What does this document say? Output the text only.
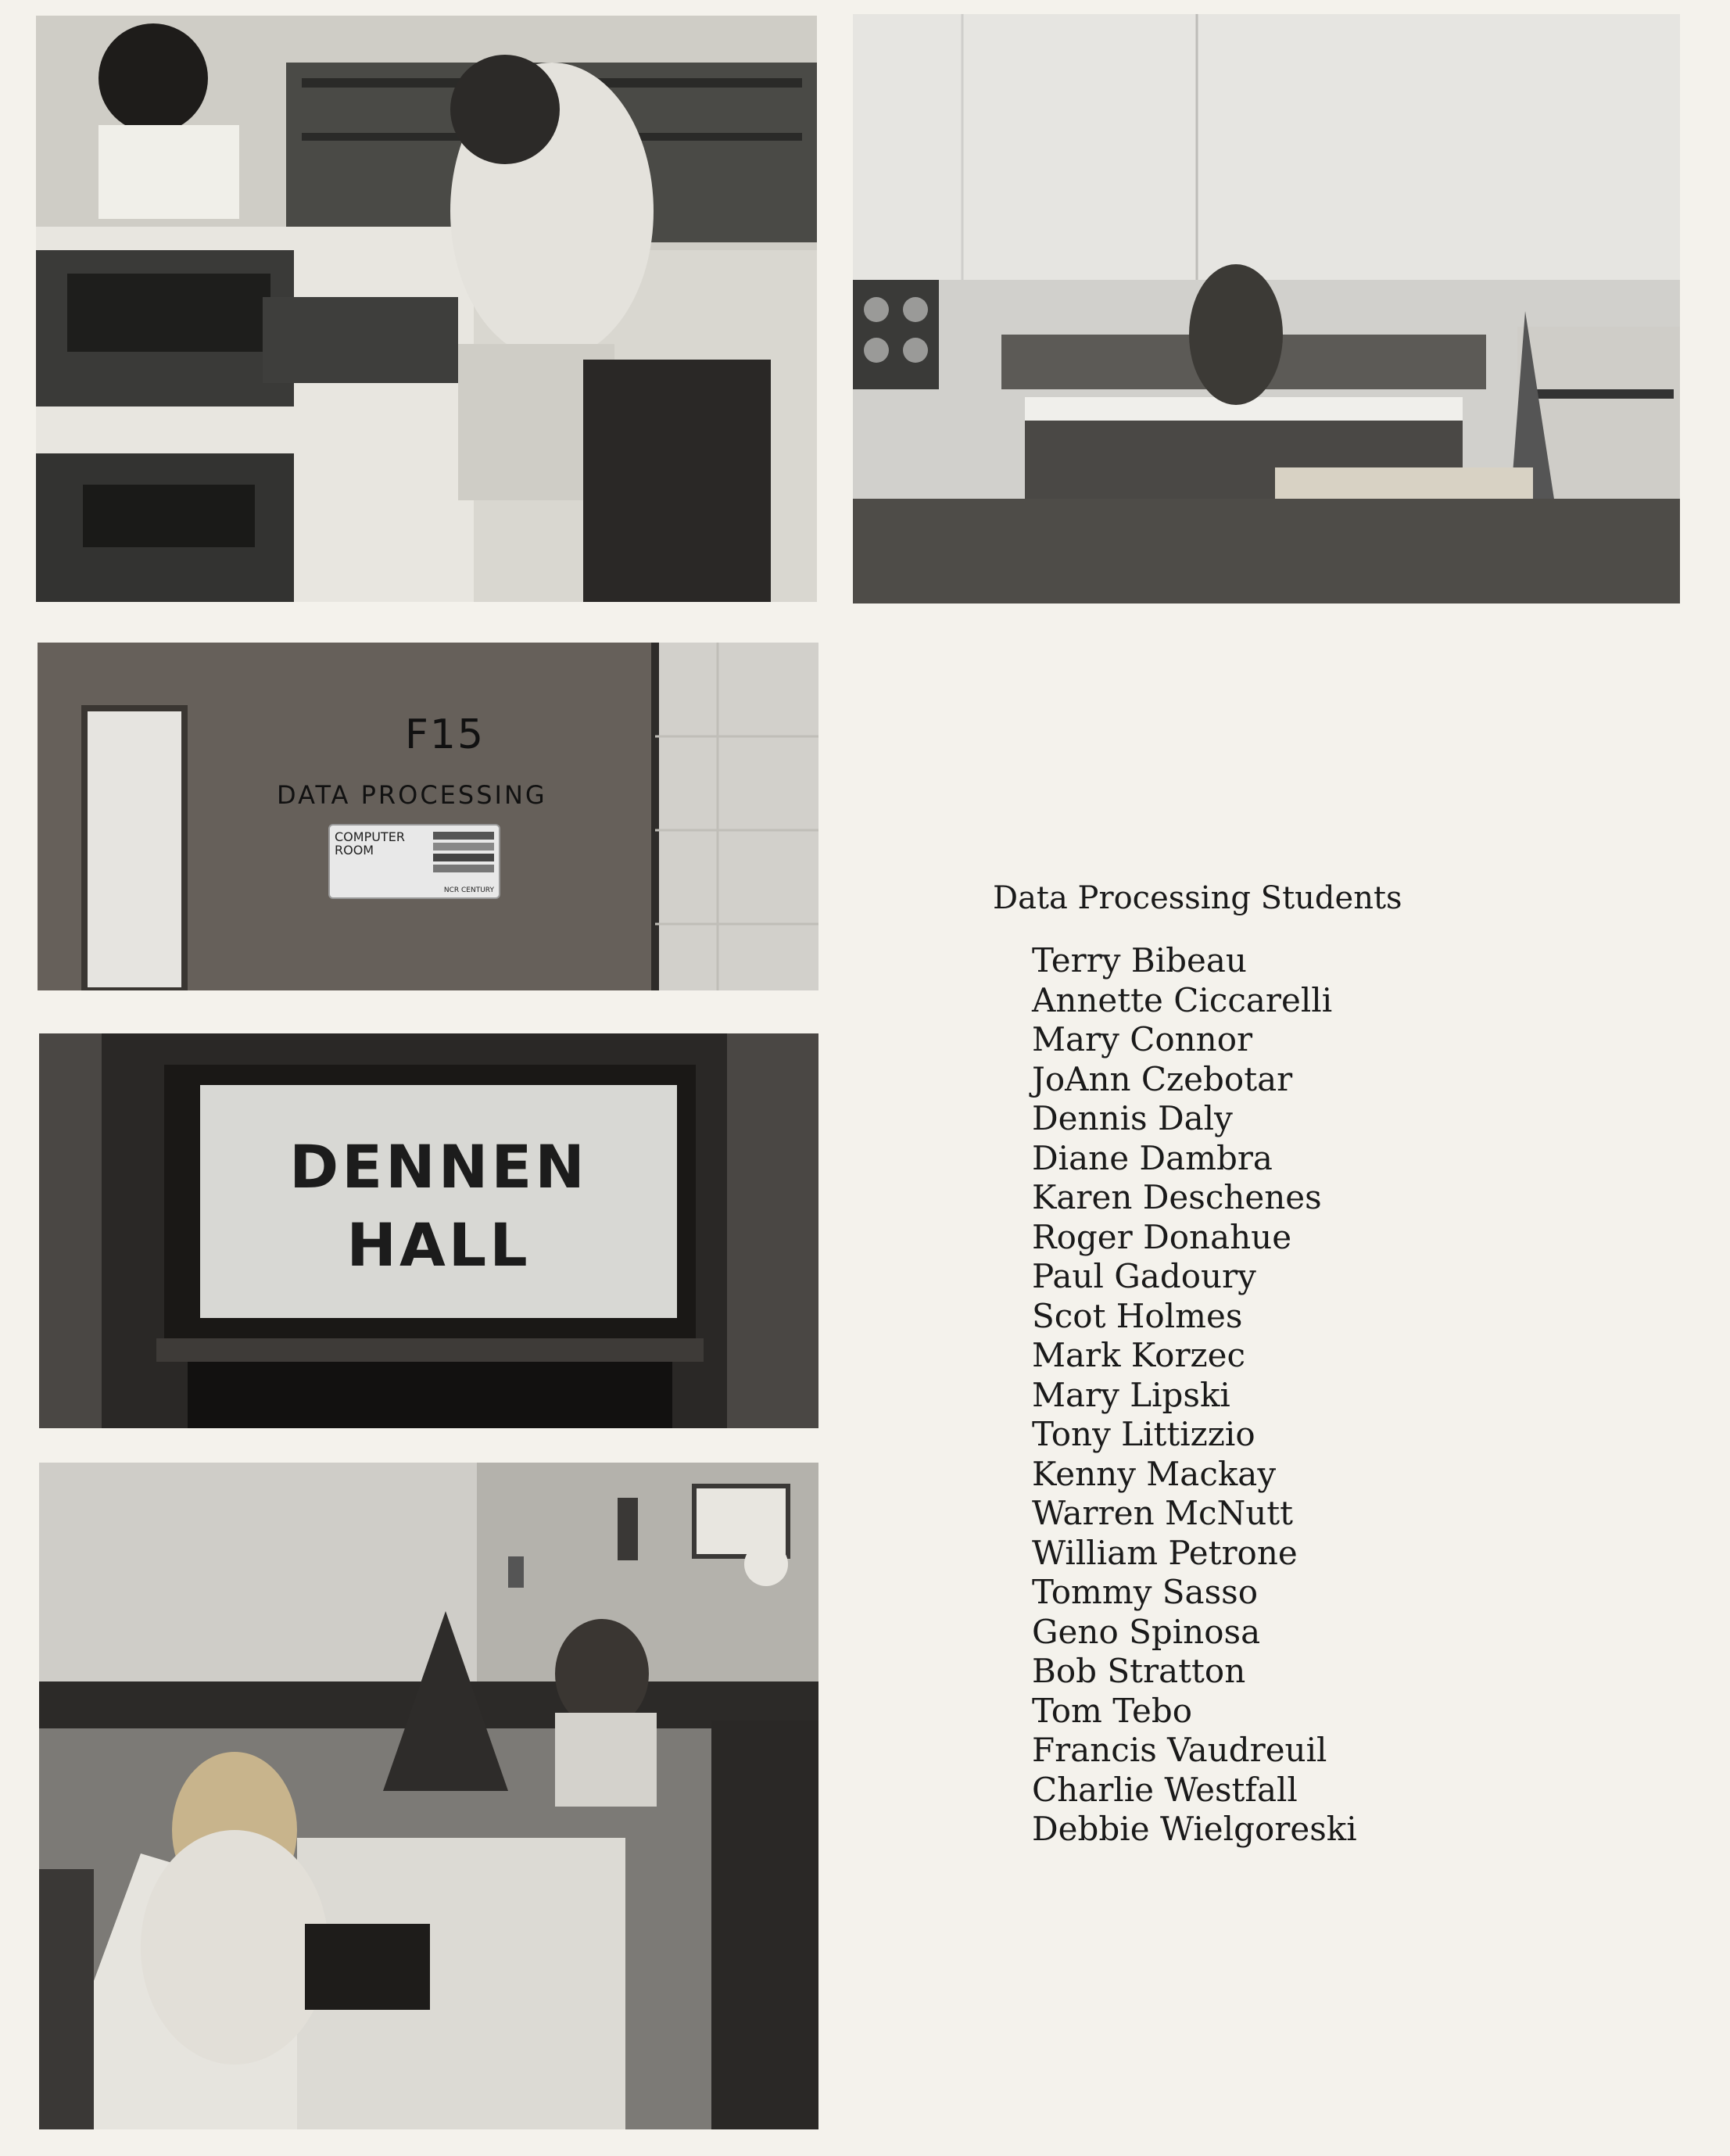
F15
DATA PROCESSING
COMPUTER
ROOM
NCR CENTURY
DENNEN
HALL
Data Processing Students
Terry Bibeau
Annette Ciccarelli
Mary Connor
JoAnn Czebotar
Dennis Daly
Diane Dambra
Karen Deschenes
Roger Donahue
Paul Gadoury
Scot Holmes
Mark Korzec
Mary Lipski
Tony Littizzio
Kenny Mackay
Warren McNutt
William Petrone
Tommy Sasso
Geno Spinosa
Bob Stratton
Tom Tebo
Francis Vaudreuil
Charlie Westfall
Debbie Wielgoreski
